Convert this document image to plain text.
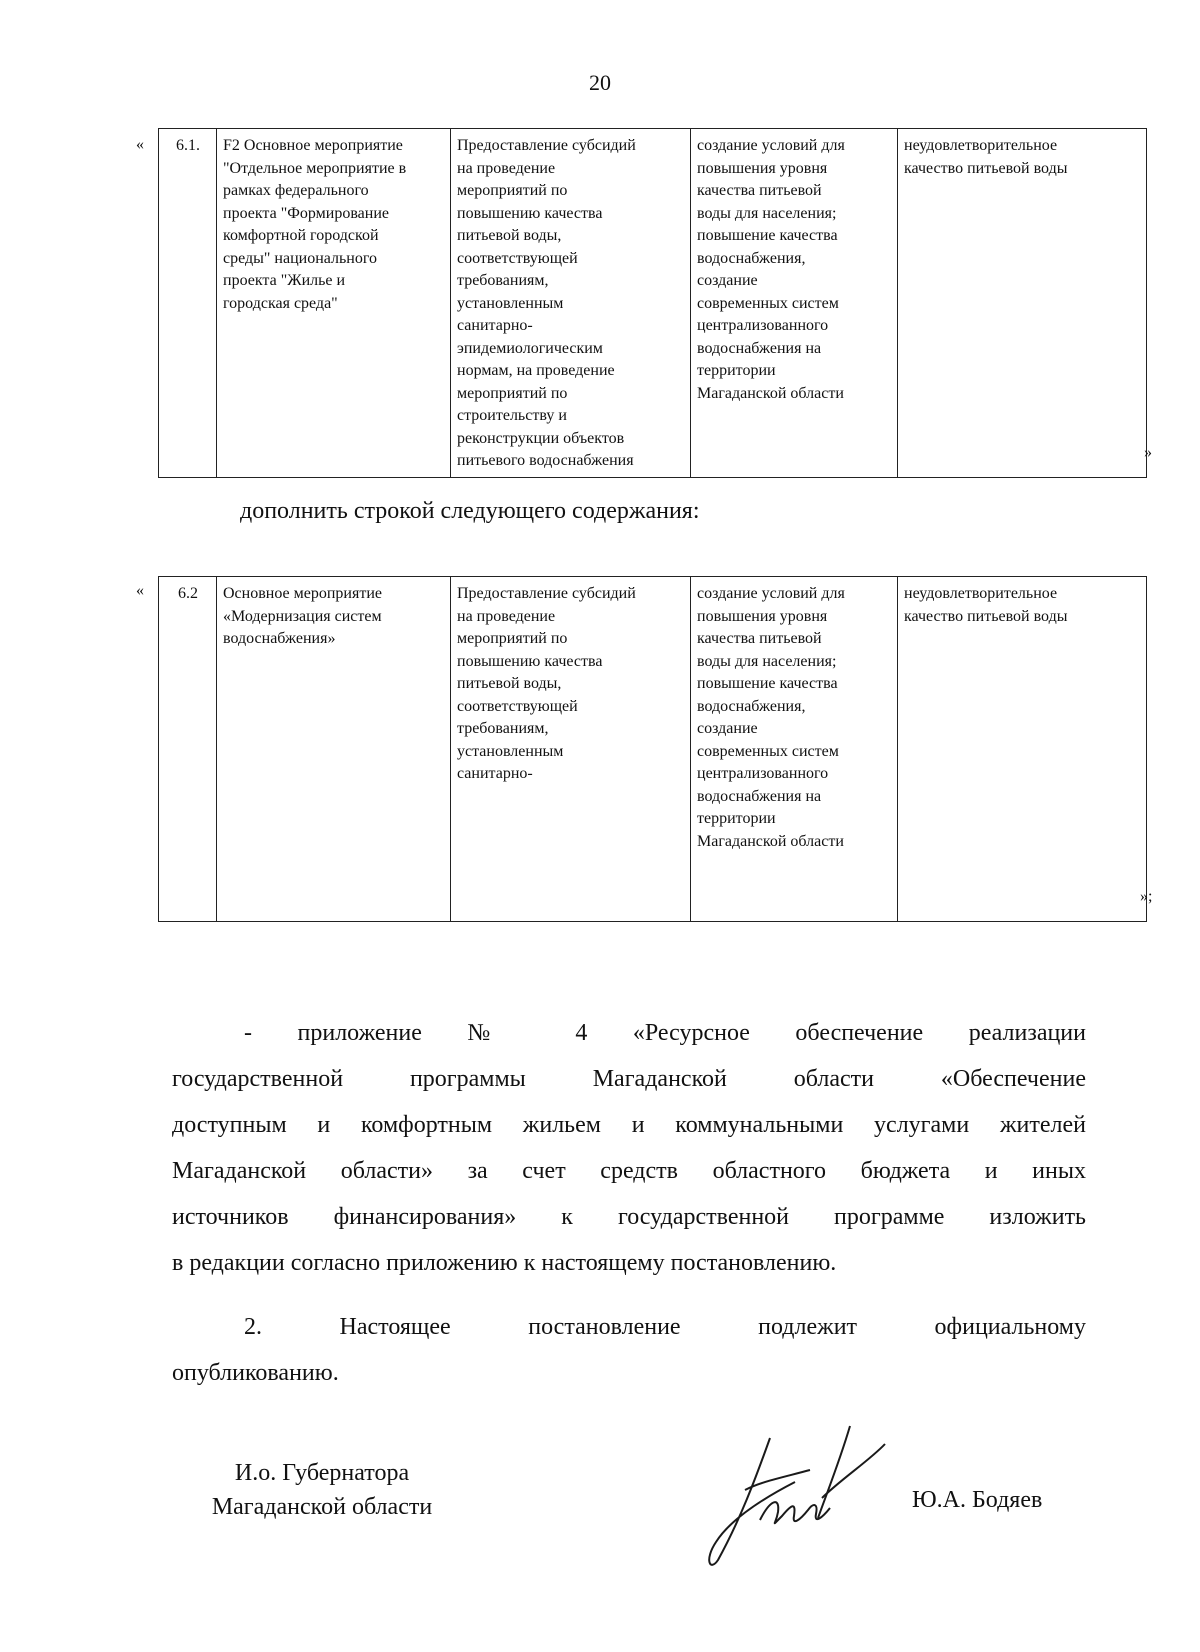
20
« 6.1.	F2 Основное мероприятие
"Отдельное мероприятие в
рамках федерального
проекта "Формирование
комфортной городской
среды" национального
проекта "Жилье и
городская среда"

Предоставление субсидий
на проведение
мероприятий по
повышению качества
питьевой воды,
соответствующей
требованиям,
установленным
санитарно-
эпидемиологическим
нормам, на проведение
мероприятий по
строительству и
реконструкции объектов
питьевого водоснабжения

создание условий для
повышения уровня
качества питьевой
воды для населения;
повышение качества
водоснабжения,
создание
современных систем
централизованного
водоснабжения на
территории
Магаданской области

неудовлетворительное
качество питьевой воды
»
дополнить строкой следующего содержания:
« 6.2	Основное мероприятие
«Модернизация систем
водоснабжения»

Предоставление субсидий
на проведение
мероприятий по
повышению качества
питьевой воды,
соответствующей
требованиям,
установленным
санитарно-

создание условий для
повышения уровня
качества питьевой
воды для населения;
повышение качества
водоснабжения,
создание
современных систем
централизованного
водоснабжения на
территории
Магаданской области

неудовлетворительное
качество питьевой воды
»;
- приложение № 4 «Ресурсное обеспечение реализации
государственной программы Магаданской области «Обеспечение
доступным и комфортным жильем и коммунальными услугами жителей
Магаданской области» за счет средств областного бюджета и иных
источников финансирования» к государственной программе изложить
в редакции согласно приложению к настоящему постановлению.
2. Настоящее постановление подлежит официальному
опубликованию.
И.о. Губернатора
Магаданской области	Ю.А. Бодяев
